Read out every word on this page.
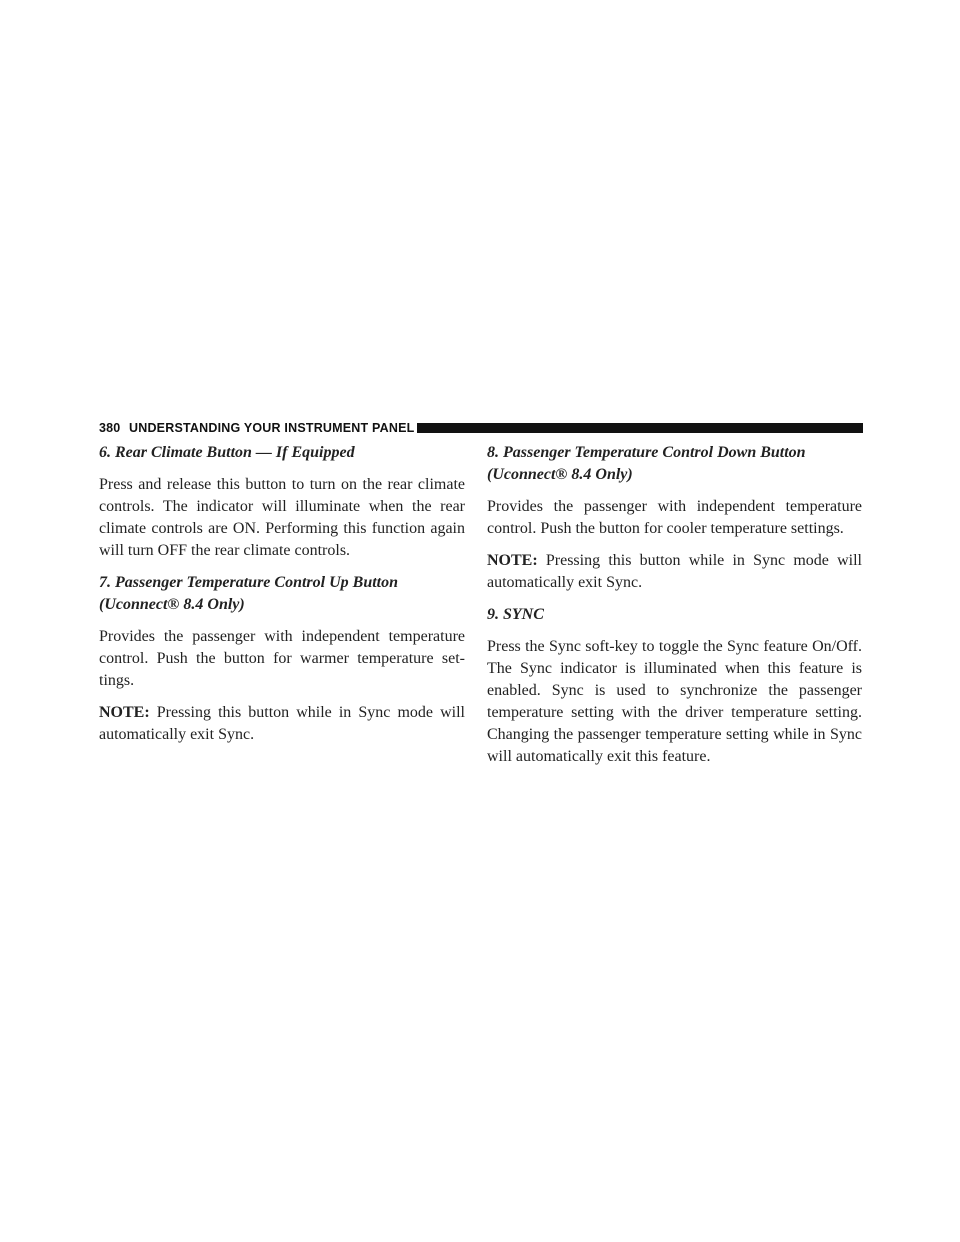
380 UNDERSTANDING YOUR INSTRUMENT PANEL
6. Rear Climate Button — If Equipped
Press and release this button to turn on the rear climate controls. The indicator will illuminate when the rear climate controls are ON. Performing this function again will turn OFF the rear climate controls.
7. Passenger Temperature Control Up Button
(Uconnect® 8.4 Only)
Provides the passenger with independent temperature control. Push the button for warmer temperature set-tings.
NOTE: Pressing this button while in Sync mode will automatically exit Sync.
8. Passenger Temperature Control Down Button
(Uconnect® 8.4 Only)
Provides the passenger with independent temperature control. Push the button for cooler temperature settings.
NOTE: Pressing this button while in Sync mode will automatically exit Sync.
9. SYNC
Press the Sync soft-key to toggle the Sync feature On/Off. The Sync indicator is illuminated when this feature is enabled. Sync is used to synchronize the passenger temperature setting with the driver temperature setting. Changing the passenger temperature setting while in Sync will automatically exit this feature.
